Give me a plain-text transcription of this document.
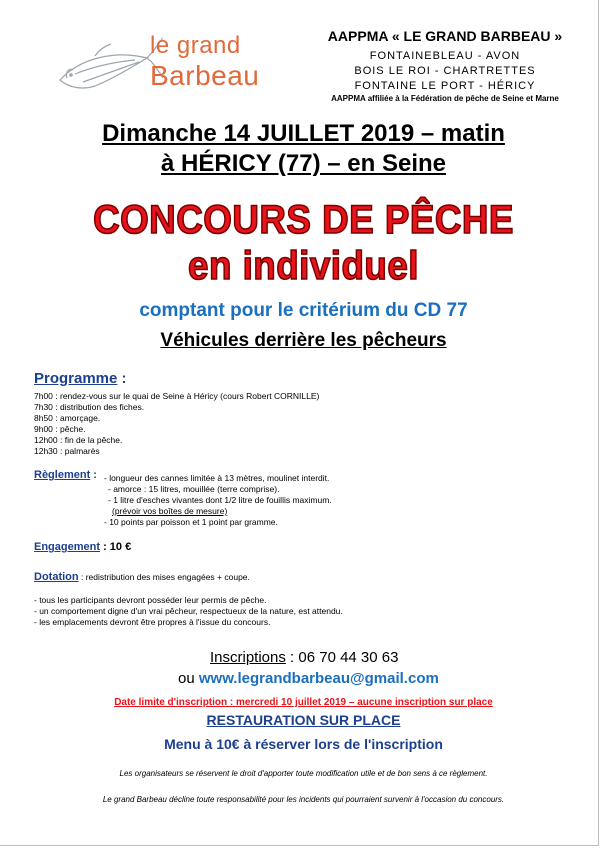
le grand
Barbeau
AAPPMA « LE GRAND BARBEAU »
FONTAINEBLEAU - AVON
BOIS LE ROI - CHARTRETTES
FONTAINE LE PORT - HÉRICY
AAPPMA affiliée à la Fédération de pêche de Seine et Marne
Dimanche 14 JUILLET 2019 – matin
à HÉRICY (77) – en Seine
CONCOURS DE PÊCHE
en individuel
comptant pour le critérium du CD 77
Véhicules derrière les pêcheurs
Programme :
7h00 : rendez-vous sur le quai de Seine à Héricy (cours Robert CORNILLE)
7h30 : distribution des fiches.
8h50 : amorçage.
9h00 : pêche.
12h00 : fin de la pêche.
12h30 : palmarès
Règlement : - longueur des cannes limitée à 13 mètres, moulinet interdit.
- amorce : 15 litres, mouillée (terre comprise).
- 1 litre d'esches vivantes dont 1/2 litre de fouillis maximum.
(prévoir vos boîtes de mesure)
- 10 points par poisson et 1 point par gramme.
Engagement : 10 €
Dotation : redistribution des mises engagées + coupe.
- tous les participants devront posséder leur permis de pêche.
- un comportement digne d'un vrai pêcheur, respectueux de la nature, est attendu.
- les emplacements devront être propres à l'issue du concours.
Inscriptions : 06 70 44 30 63
ou www.legrandbarbeau@gmail.com
Date limite d'inscription : mercredi 10 juillet 2019 – aucune inscription sur place
RESTAURATION SUR PLACE
Menu à 10€ à réserver lors de l'inscription
Les organisateurs se réservent le droit d'apporter toute modification utile et de bon sens à ce règlement.
Le grand Barbeau décline toute responsabilité pour les incidents qui pourraient survenir à l'occasion du concours.
